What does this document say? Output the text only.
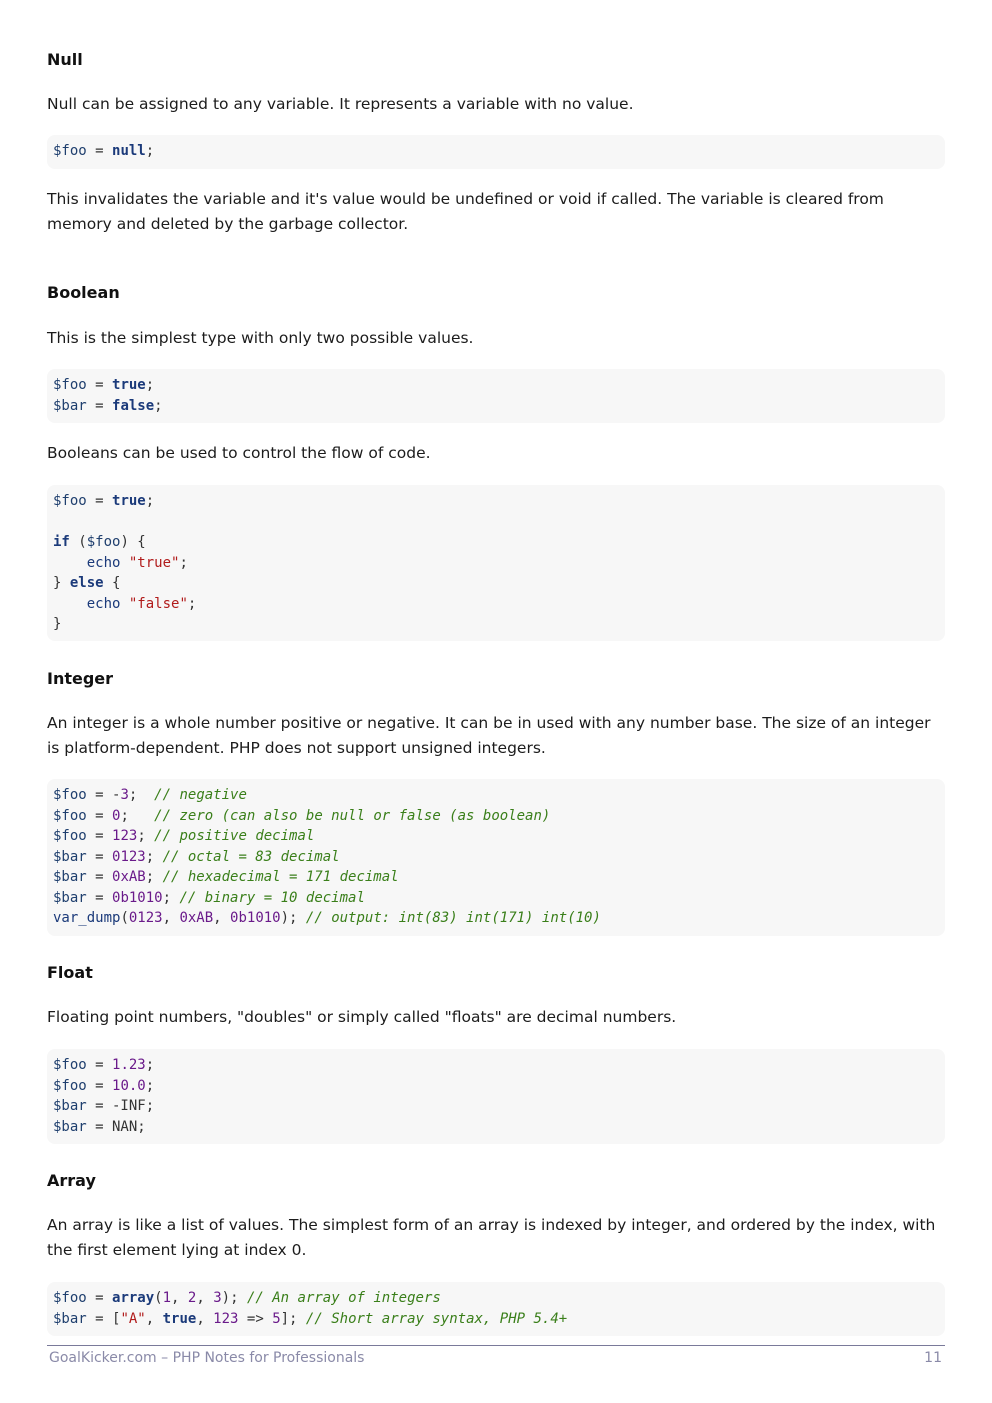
Null
Null can be assigned to any variable. It represents a variable with no value.
$foo = null;
This invalidates the variable and it's value would be undefined or void if called. The variable is cleared from memory and deleted by the garbage collector.
Boolean
This is the simplest type with only two possible values.
$foo = true;
$bar = false;
Booleans can be used to control the flow of code.
$foo = true;

if ($foo) {
echo "true";
} else {
echo "false";
}
Integer
An integer is a whole number positive or negative. It can be in used with any number base. The size of an integer is platform-dependent. PHP does not support unsigned integers.
$foo = -3;  // negative
$foo = 0;   // zero (can also be null or false (as boolean)
$foo = 123; // positive decimal
$bar = 0123; // octal = 83 decimal
$bar = 0xAB; // hexadecimal = 171 decimal
$bar = 0b1010; // binary = 10 decimal
var_dump(0123, 0xAB, 0b1010); // output: int(83) int(171) int(10)
Float
Floating point numbers, "doubles" or simply called "floats" are decimal numbers.
$foo = 1.23;
$foo = 10.0;
$bar = -INF;
$bar = NAN;
Array
An array is like a list of values. The simplest form of an array is indexed by integer, and ordered by the index, with the first element lying at index 0.
$foo = array(1, 2, 3); // An array of integers
$bar = ["A", true, 123 => 5]; // Short array syntax, PHP 5.4+
GoalKicker.com – PHP Notes for Professionals	11
